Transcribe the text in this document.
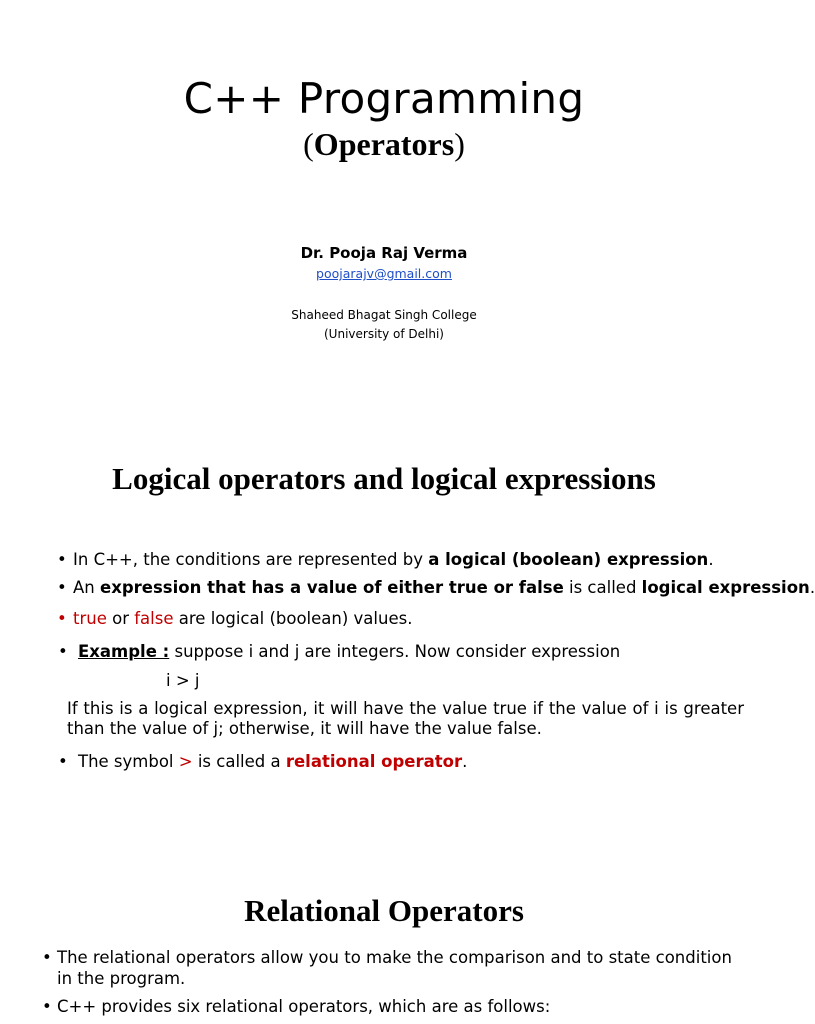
C++ Programming
(Operators)
Dr. Pooja Raj Verma
poojarajv@gmail.com
Shaheed Bhagat Singh College
(University of Delhi)
Logical operators and logical expressions
• In C++, the conditions are represented by a logical (boolean) expression.
• An expression that has a value of either true or false is called logical expression.
• true or false are logical (boolean) values.
• Example : suppose i and j are integers. Now consider expression
i > j
If this is a logical expression, it will have the value true if the value of i is greater than the value of j; otherwise, it will have the value false.
• The symbol > is called a relational operator.
Relational Operators
• The relational operators allow you to make the comparison and to state condition in the program.
• C++ provides six relational operators, which are as follows:
